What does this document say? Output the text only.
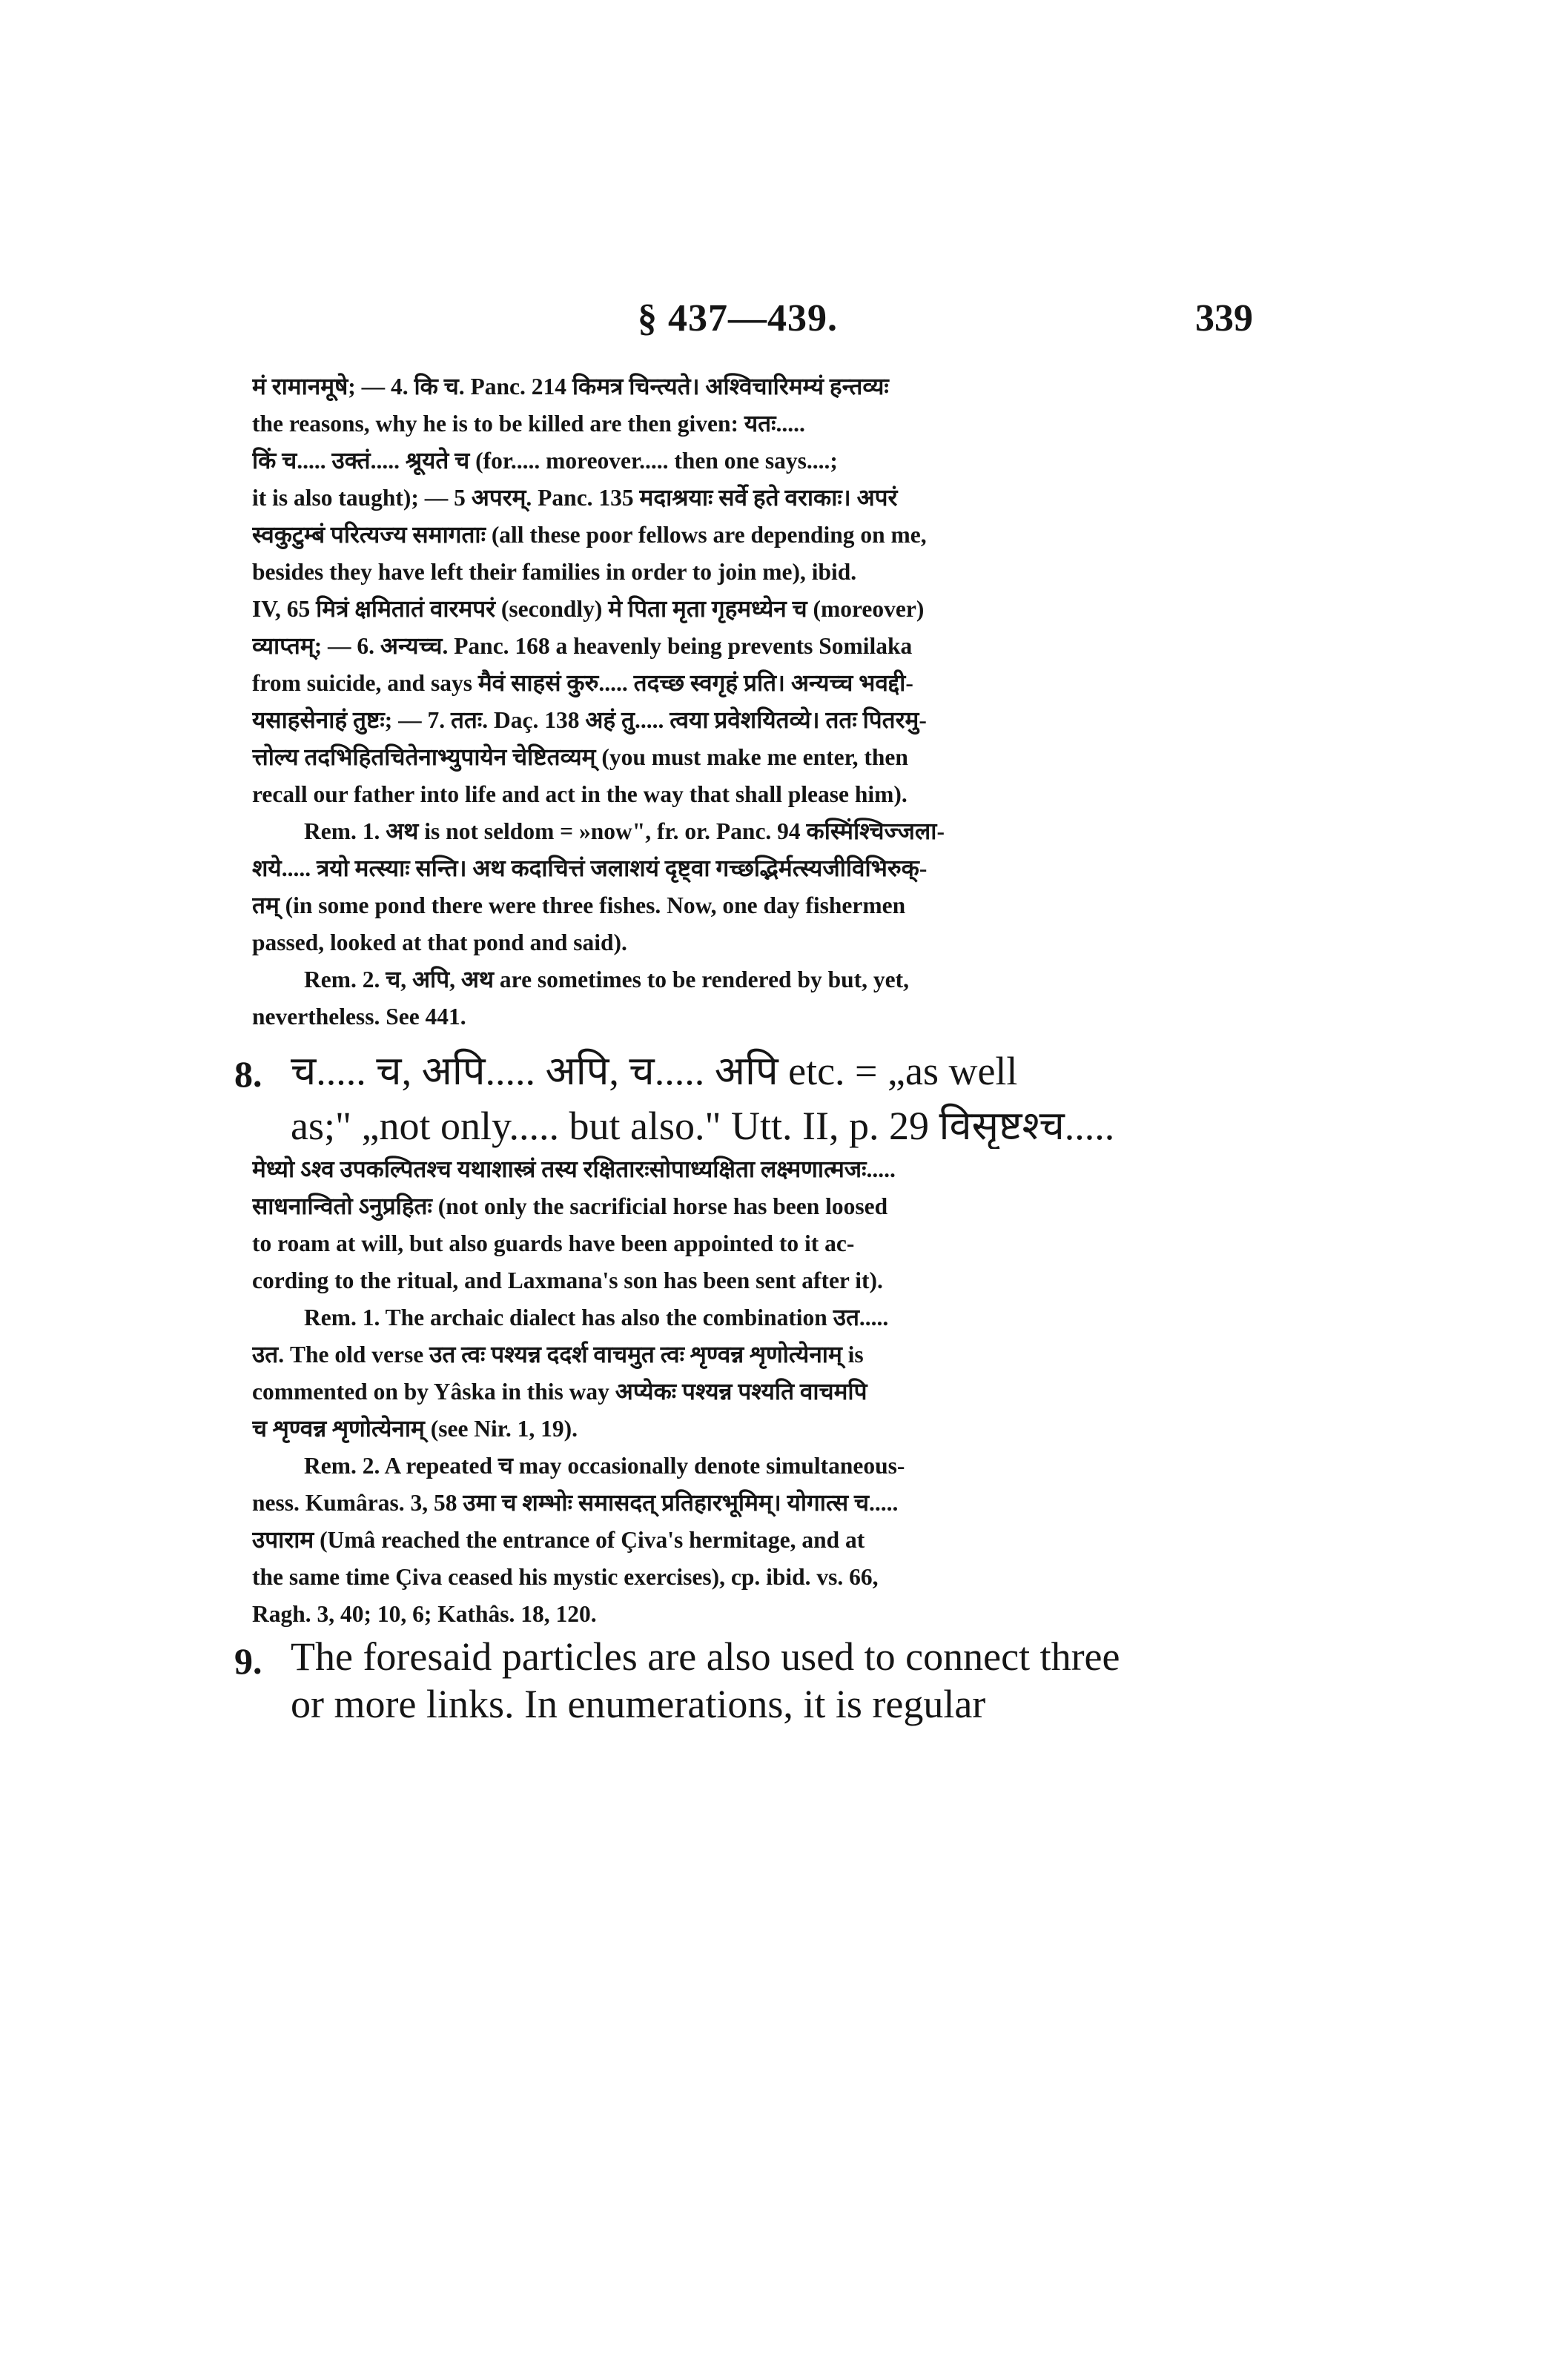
§ 437—439.	339
मं रामानमूषे; — 4. कि च. Panc. 214 किमत्र चिन्त्यते। अश्विचारिमम्यं हन्तव्यः
the reasons, why he is to be killed are then given: यतः.....
किं च..... उक्तं..... श्रूयते च (for..... moreover..... then one says....;
it is also taught); — 5 अपरम्. Panc. 135 मदाश्रयाः सर्वे हते वराकाः। अपरं
स्वकुटुम्बं परित्यज्य समागताः (all these poor fellows are depending on me,
besides they have left their families in order to join me), ibid.
IV, 65 मित्रं क्षमितातं वारमपरं (secondly) मे पिता मृता गृहमध्येन च (moreover)
व्याप्तम्; — 6. अन्यच्च. Panc. 168 a heavenly being prevents Somilaka
from suicide, and says मैवं साहसं कुरु..... तदच्छ स्वगृहं प्रति। अन्यच्च भवद्दी-
यसाहसेनाहं तुष्टः; — 7. ततः. Daç. 138 अहं तु..... त्वया प्रवेशयितव्ये। ततः पितरमु-
त्तोल्य तदभिहितचितेनाभ्युपायेन चेष्टितव्यम् (you must make me enter, then
recall our father into life and act in the way that shall please him).
Rem. 1. अथ is not seldom = »now", fr. or. Panc. 94 कस्मिंश्चिज्जला-
शये..... त्रयो मत्स्याः सन्ति। अथ कदाचित्तं जलाशयं दृष्ट्वा गच्छद्भिर्मत्स्यजीविभिरुक्-
तम् (in some pond there were three fishes. Now, one day fishermen
passed, looked at that pond and said).
Rem. 2. च, अपि, अथ are sometimes to be rendered by but, yet,
nevertheless. See 441.
च..... च, अपि..... अपि, च..... अपि etc. = „as well
as;" „not only..... but also." Utt. II, p. 29 विसृष्टश्च.....
मेध्यो ऽश्व उपकल्पितश्च यथाशास्त्रं तस्य रक्षितारःसोपाध्यक्षिता लक्ष्मणात्मजः.....
साधनान्वितो ऽनुप्रहितः (not only the sacrificial horse has been loosed
to roam at will, but also guards have been appointed to it ac-
cording to the ritual, and Laxmana's son has been sent after it).
Rem. 1. The archaic dialect has also the combination उत.....
उत. The old verse उत त्वः पश्यन्न ददर्श वाचमुत त्वः शृण्वन्न शृणोत्येनाम् is
commented on by Yâska in this way अप्येकः पश्यन्न पश्यति वाचमपि
च शृण्वन्न शृणोत्येनाम् (see Nir. 1, 19).
Rem. 2. A repeated च may occasionally denote simultaneous-
ness. Kumâras. 3, 58 उमा च शम्भोः समासदत् प्रतिहारभूमिम्। योगात्स च.....
उपाराम (Umâ reached the entrance of Çiva's hermitage, and at
the same time Çiva ceased his mystic exercises), cp. ibid. vs. 66,
Ragh. 3, 40; 10, 6; Kathâs. 18, 120.
The foresaid particles are also used to connect three
or more links. In enumerations, it is regular
8.
9.
